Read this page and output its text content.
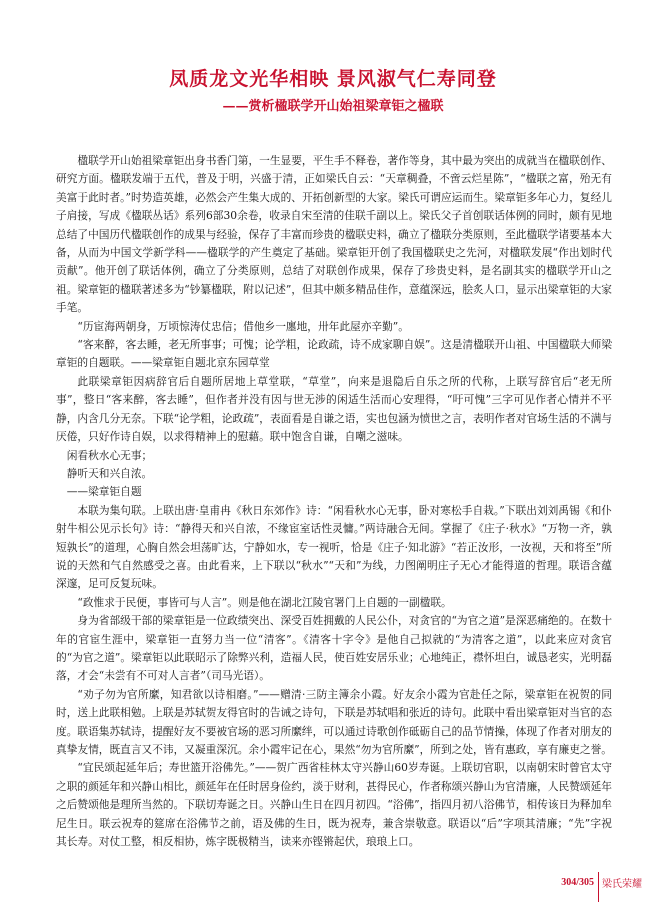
凤质龙文光华相映 景风淑气仁寿同登
——赏析楹联学开山始祖梁章钜之楹联

楹联学开山始祖梁章钜出身书香门第，一生显要，平生手不释卷，著作等身，其中最为突出的成就当在楹联创作、研究方面。楹联发端于五代，普及于明，兴盛于清，正如梁氏自云：“天章稠叠，不啻云烂星陈”，“楹联之富，殆无有美富于此时者。”时势造英雄，必然会产生集大成的、开拓创新型的大家。梁氏可谓应运而生。梁章钜多年心力，复经儿子肩接，写成《楹联丛话》系列6部30余卷，收录自宋至清的佳联千副以上。梁氏父子首创联话体例的同时，颇有见地总结了中国历代楹联创作的成果与经验，保存了丰富而珍贵的楹联史料，确立了楹联分类原则，至此楹联学诸要基本大备，从而为中国文学新学科——楹联学的产生奠定了基础。梁章钜开创了我国楹联史之先河，对楹联发展“作出划时代贡献”。他开创了联话体例，确立了分类原则，总结了对联创作成果，保存了珍贵史料，是名副其实的楹联学开山之祖。梁章钜的楹联著述多为“钞纂楹联，附以记述”，但其中颇多精品佳作，意蕴深远，脍炙人口，显示出梁章钜的大家手笔。

“历宦海两朝身，万顷惊涛仗忠信；借他乡一廛地，卅年此屋亦辛勤”。

“客来醉，客去睡，老无所事事；可愧；论学粗，论政疏，诗不成家聊自娱”。这是清楹联开山祖、中国楹联大师梁章钜的自题联。——梁章钜自题北京东园草堂

此联梁章钜因病辞官后自题所居地上草堂联，“草堂”，向来是退隐后自乐之所的代称，上联写辞官后“老无所事”，整日“客来醉，客去睡”，但作者并没有因与世无涉的闲适生活而心安理得，“吁可愧”三字可见作者心情并不平静，内含几分无奈。下联“论学粗，论政疏”，表面看是自谦之语，实也包涵为愤世之言，表明作者对官场生活的不满与厌倦，只好作诗自娱，以求得精神上的慰藉。联中饱含自谦，自嘲之滋味。

闲看秋水心无事；

静听天和兴自浓。

——梁章钜自题

本联为集句联。上联出唐·皇甫冉《秋日东郊作》诗：“闲看秋水心无事，卧对寒松手自栽。”下联出刘刘禹锡《和仆射牛相公见示长句》诗：“静得天和兴自浓，不缘宦室话性灵慵。”两诗融合无间。掌握了《庄子·秋水》“万物一齐，孰短孰长”的道理，心胸自然会坦荡旷达，宁静如水，专一视听，恰是《庄子·知北游》“若正汝形，一汝视，天和将至”所说的天然和气自然感受之喜。由此看来，上下联以“秋水”“天和”为线，力图阐明庄子无心才能得道的哲理。联语含蕴深邃，足可反复玩味。

“政惟求于民便，事皆可与人言”。则是他在湖北江陵官署门上自题的一副楹联。

身为省部级干部的梁章钜是一位政绩突出、深受百姓拥戴的人民公仆，对贪官的“为官之道”是深恶痛绝的。在数十年的官宦生涯中，梁章钜一直努力当一位“清客”。《清客十字令》是他自己拟就的“为清客之道”，以此来应对贪官的“为官之道”。梁章钜以此联昭示了除弊兴利，造福人民，使百姓安居乐业；心地纯正，襟怀坦白，诚恳老实，光明磊落，才会“未尝有不可对人言者”（司马光语）。

“劝子勿为官所縻，知君欲以诗相磨。”——赠清·三防主簿余小霞。好友余小霞为官赴任之际，梁章钜在祝贺的同时，送上此联相勉。上联是苏轼贺友得官时的告诫之诗句，下联是苏轼唱和张近的诗句。此联中看出梁章钜对当官的态度。联语集苏轼诗，提醒好友不要被官场的恶习所縻绊，可以通过诗歌创作砥砺自己的品节情操，体现了作者对朋友的真挚友情，既直言又不讳，又凝重深沉。余小霞牢记在心，果然“勿为官所縻”，所到之处，皆有惠政，享有廉吏之誉。

“宜民颂起延年后；寿世篮开浴佛先。”——贺广西省桂林太守兴静山60岁寿诞。上联切官职，以南朝宋时曾官太守之职的颜延年和兴静山相比，颜延年在任时居身俭约，淡于财利，甚得民心，作者称颂兴静山为官清廉，人民赞颂延年之后赞颂他是理所当然的。下联切寿诞之日。兴静山生日在四月初四。“浴佛”，指四月初八浴佛节，相传该日为释加牟尼生日。联云祝寿的筵席在浴佛节之前，语及佛的生日，既为祝寿，兼含崇敬意。联语以“后”字项其清廉；“先”字祝其长寿。对仗工整，相反相协，炼字既极精当，读来亦铿锵起伏，琅琅上口。

304/305 梁氏荣耀
